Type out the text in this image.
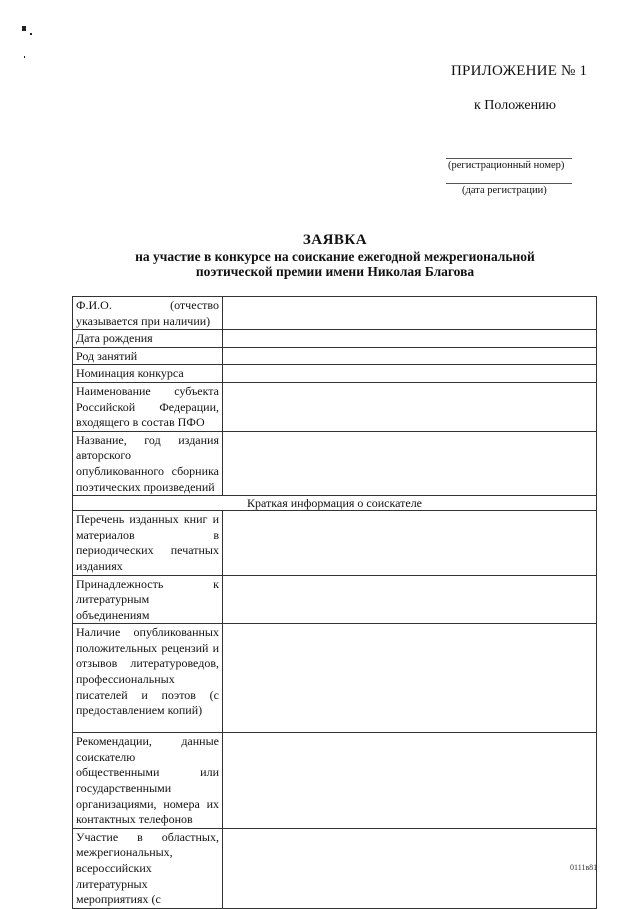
ПРИЛОЖЕНИЕ № 1
к Положению
(регистрационный номер)
(дата регистрации)
ЗАЯВКА
на участие в конкурсе на соискание ежегодной межрегиональной
поэтической премии имени Николая Благова
Ф.И.О. (отчество указывается при наличии)	
Дата рождения	
Род занятий	
Номинация конкурса	
Наименование субъекта Российской Федерации, входящего в состав ПФО	
Название, год издания авторского опубликованного сборника поэтических произведений	
Краткая информация о соискателе	
Перечень изданных книг и материалов в периодических печатных изданиях	
Принадлежность к литературным объединениям	
Наличие опубликованных положительных рецензий и отзывов литературоведов, профессиональных писателей и поэтов (с предоставлением копий)	
Рекомендации, данные соискателю общественными или государственными организациями, номера их контактных телефонов	
Участие в областных, межрегиональных, всероссийских литературных мероприятиях (с	
0111в81
